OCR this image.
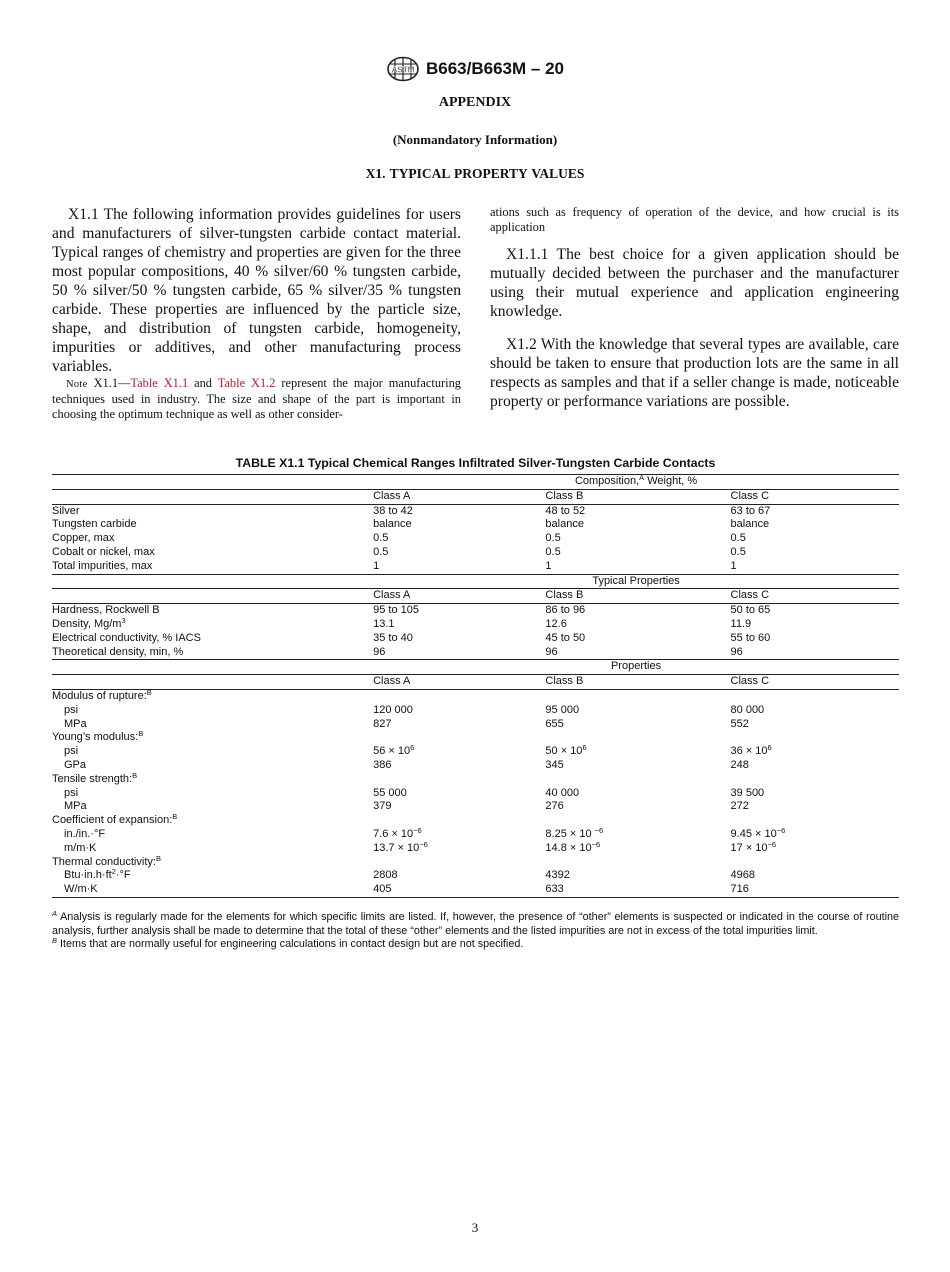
ASTM B663/B663M – 20
APPENDIX
(Nonmandatory Information)
X1. TYPICAL PROPERTY VALUES

X1.1 The following information provides guidelines for users and manufacturers of silver-tungsten carbide contact material. Typical ranges of chemistry and properties are given for the three most popular compositions, 40 % silver/60 % tungsten carbide, 50 % silver/50 % tungsten carbide, 65 % silver/35 % tungsten carbide. These properties are influenced by the particle size, shape, and distribution of tungsten carbide, homogeneity, impurities or additives, and other manufacturing process variables.

Note X1.1—Table X1.1 and Table X1.2 represent the major manufacturing techniques used in industry. The size and shape of the part is important in choosing the optimum technique as well as other consider-

ations such as frequency of operation of the device, and how crucial is its application

X1.1.1 The best choice for a given application should be mutually decided between the purchaser and the manufacturer using their mutual experience and application engineering knowledge.

X1.2 With the knowledge that several types are available, care should be taken to ensure that production lots are the same in all respects as samples and that if a seller change is made, noticeable property or performance variations are possible.

TABLE X1.1 Typical Chemical Ranges Infiltrated Silver-Tungsten Carbide Contacts
	Composition,$^A$ Weight, %		
	Class A	Class B	Class C
Silver	38 to 42	48 to 52	63 to 67
Tungsten carbide	balance	balance	balance
Copper, max	0.5	0.5	0.5
Cobalt or nickel, max	0.5	0.5	0.5
Total impurities, max	1	1	1
	Typical Properties		
	Class A	Class B	Class C
Hardness, Rockwell B	95 to 105	86 to 96	50 to 65
Density, $Mg/m^3$	13.1	12.6	11.9
Electrical conductivity, % IACS	35 to 40	45 to 50	55 to 60
Theoretical density, min, %	96	96	96
	Properties		
	Class A	Class B	Class C
Modulus of rupture:$^B$			
psi	120 000	95 000	80 000
MPa	827	655	552
Young’s modulus:$^B$			
psi	$56 \times 10^6$	$50 \times 10^6$	$36 \times 10^6$
GPa	386	345	248
Tensile strength:$^B$			
psi	55 000	40 000	39 500
MPa	379	276	272
Coefficient of expansion:$^B$			
in./in.·°F	$7.6 \times 10^{-6}$	8.25 × 10 $^{-6}$	$9.45 \times 10^{-6}$
m/m·K	$13.7 \times 10^{-6}$	$14.8 \times 10^{-6}$	$17 \times 10^{-6}$
Thermal conductivity:$^B$			
$Btu\cdot in.h\cdot ft^2\cdot^\circ F$	2808	4392	4968
W/m·K	405	633	716

$^A$ Analysis is regularly made for the elements for which specific limits are listed. If, however, the presence of “other” elements is suspected or indicated in the course of routine analysis, further analysis shall be made to determine that the total of these “other” elements and the listed impurities are not in excess of the total impurities limit.

$^B$ Items that are normally useful for engineering calculations in contact design but are not specified.

3
